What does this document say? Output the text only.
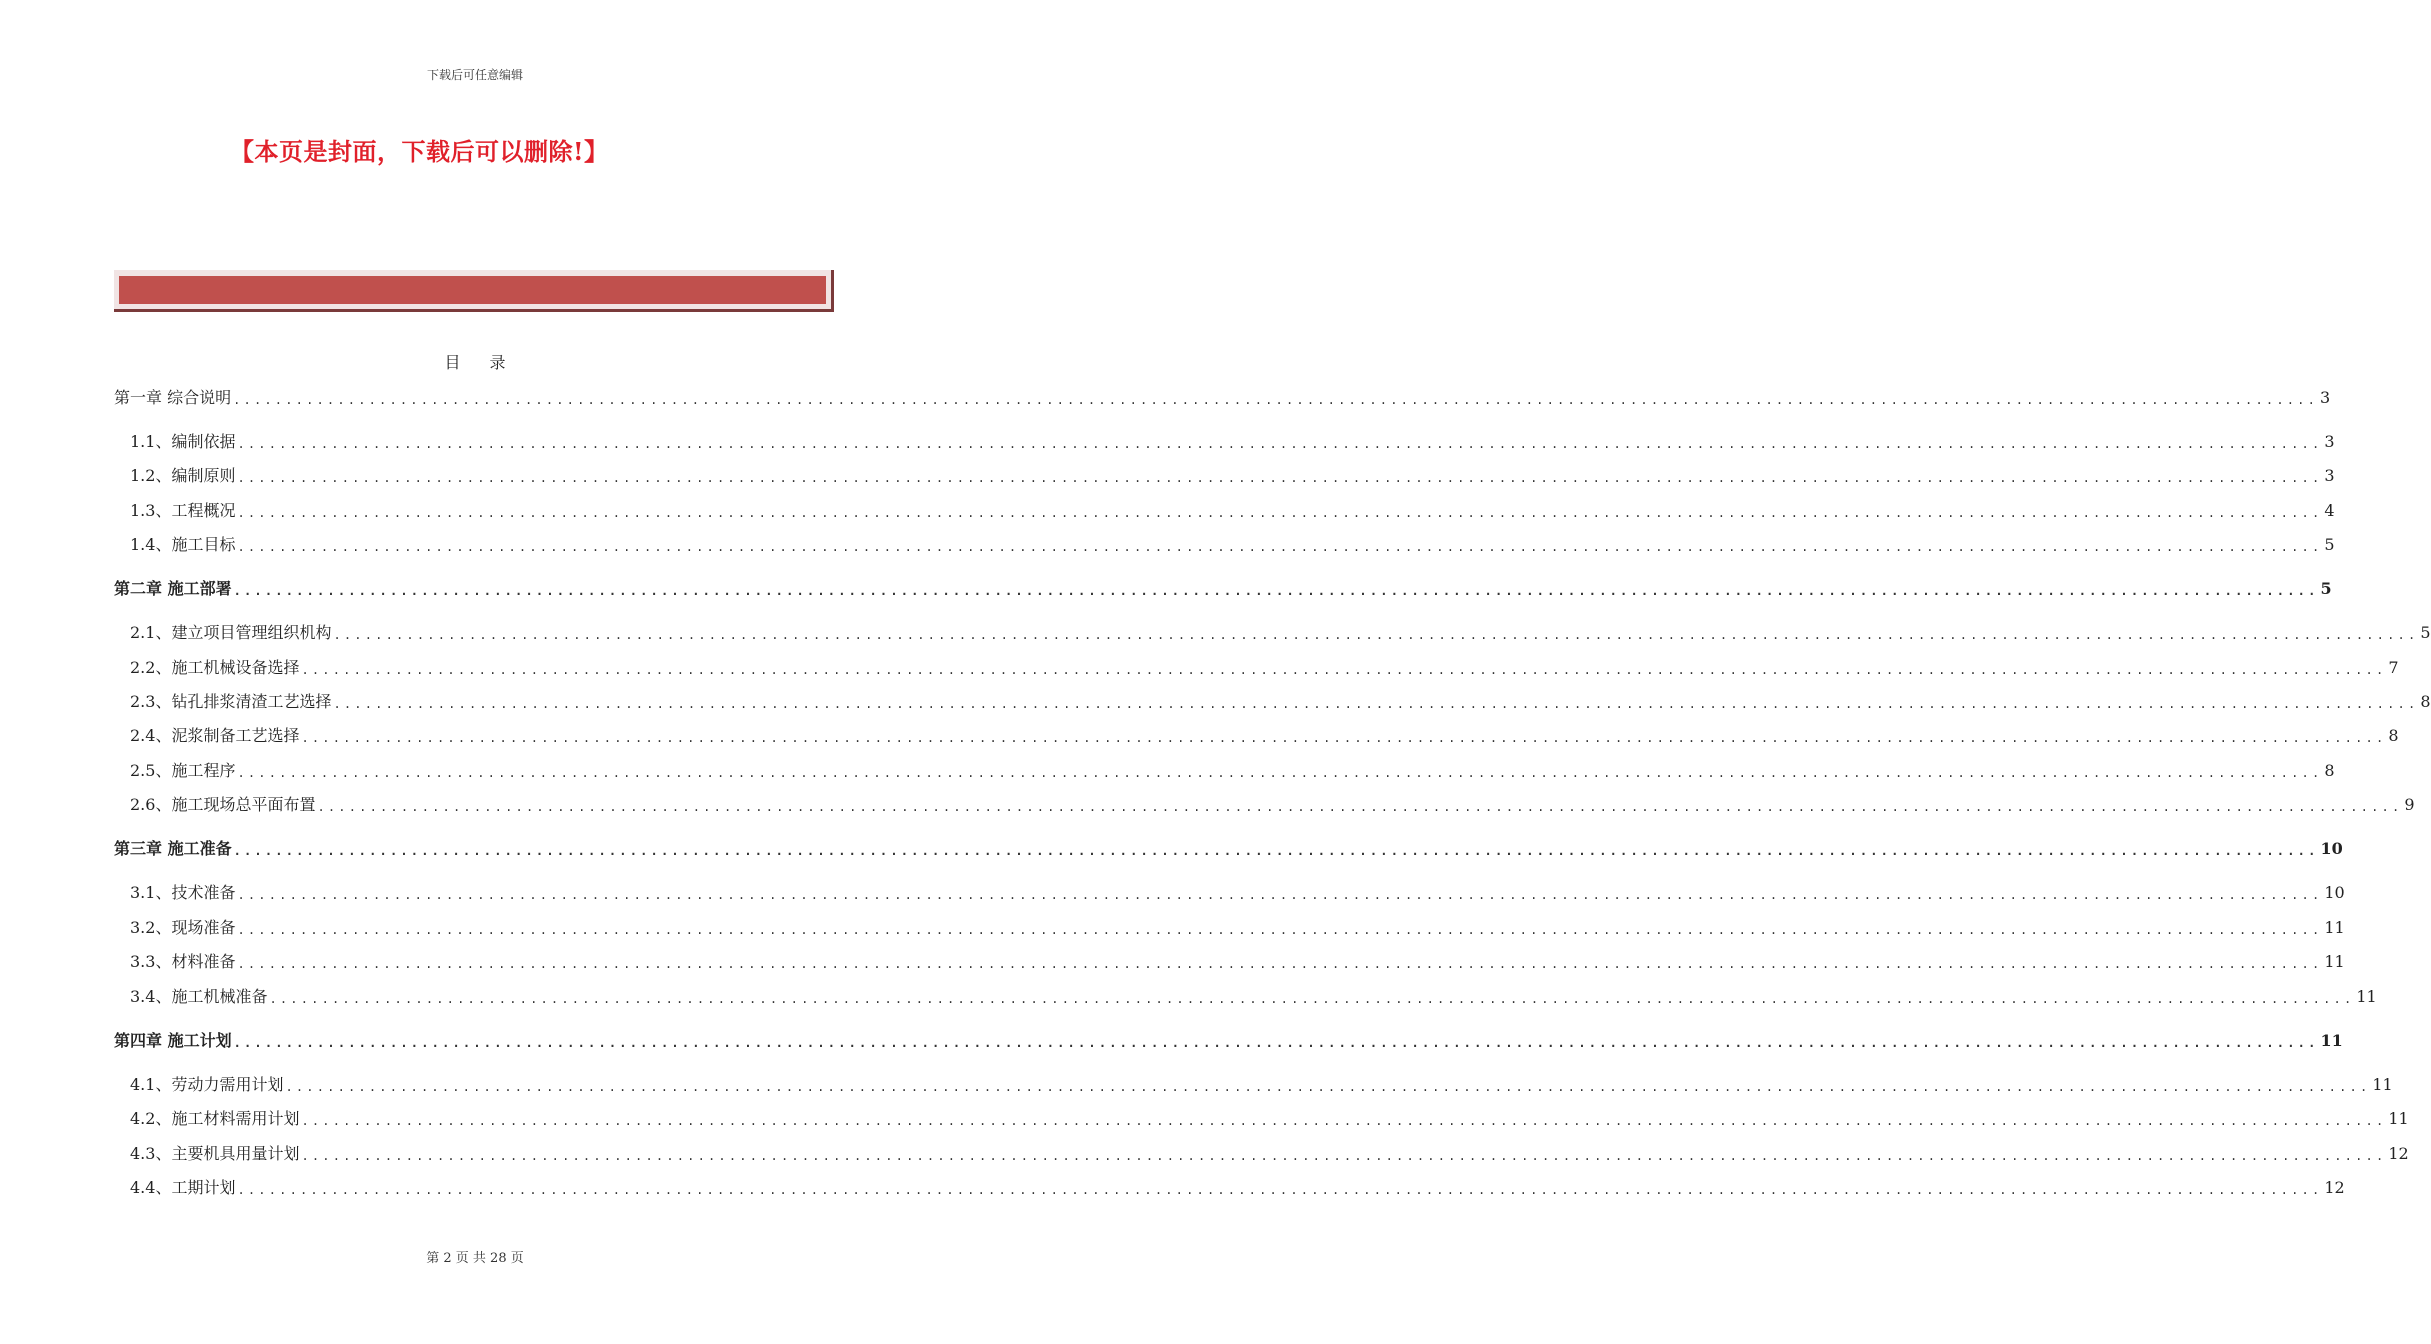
下载后可任意编辑
【本页是封面，下载后可以删除!】
目 录
第一章 综合说明 ........................................................................................................................................................................................................ 3
1.1、编制依据 ........................................................................................................................................................................................................ 3
1.2、编制原则 ........................................................................................................................................................................................................ 3
1.3、工程概况 ........................................................................................................................................................................................................ 4
1.4、施工目标 ........................................................................................................................................................................................................ 5
第二章 施工部署 ........................................................................................................................................................................................................ 5
2.1、建立项目管理组织机构 ........................................................................................................................................................................................................ 5
2.2、施工机械设备选择 ........................................................................................................................................................................................................ 7
2.3、钻孔排浆清渣工艺选择 ........................................................................................................................................................................................................ 8
2.4、泥浆制备工艺选择 ........................................................................................................................................................................................................ 8
2.5、施工程序 ........................................................................................................................................................................................................ 8
2.6、施工现场总平面布置 ........................................................................................................................................................................................................ 9
第三章 施工准备 ........................................................................................................................................................................................................ 10
3.1、技术准备 ........................................................................................................................................................................................................ 10
3.2、现场准备 ........................................................................................................................................................................................................ 11
3.3、材料准备 ........................................................................................................................................................................................................ 11
3.4、施工机械准备 ........................................................................................................................................................................................................ 11
第四章 施工计划 ........................................................................................................................................................................................................ 11
4.1、劳动力需用计划 ........................................................................................................................................................................................................ 11
4.2、施工材料需用计划 ........................................................................................................................................................................................................ 11
4.3、主要机具用量计划 ........................................................................................................................................................................................................ 12
4.4、工期计划 ........................................................................................................................................................................................................ 12
第 2 页 共 28 页
